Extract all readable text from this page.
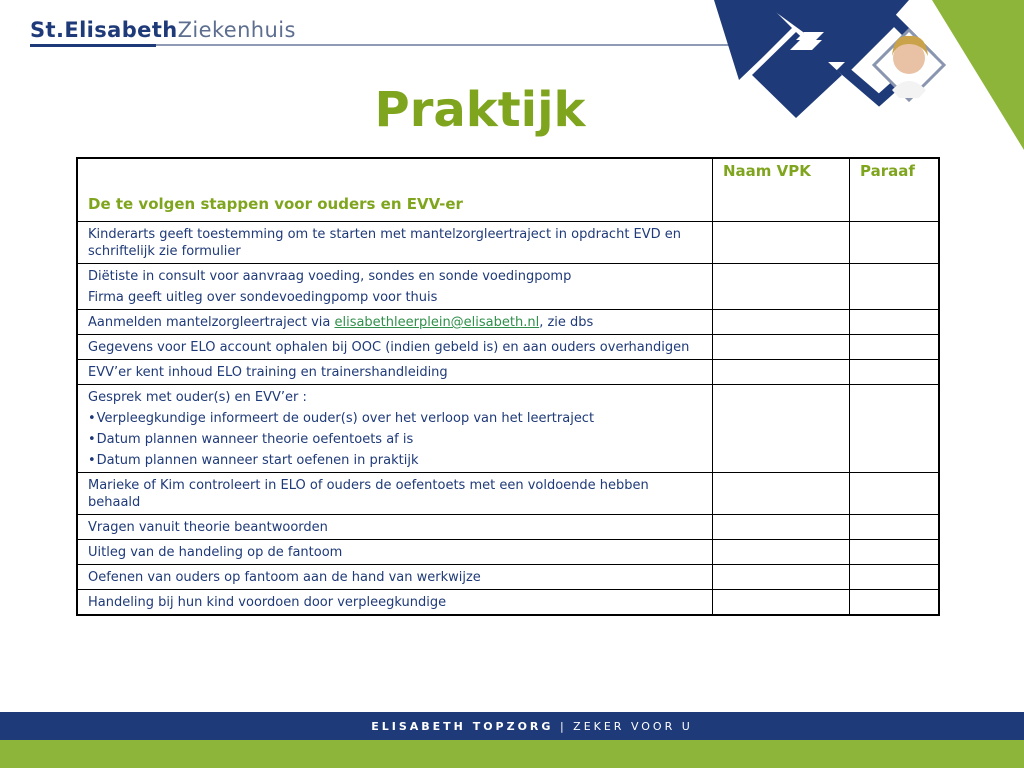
St.ElisabethZiekenhuis
Praktijk
De te volgen stappen voor ouders en EVV-er	Naam VPK	Paraaf

Kinderarts geeft toestemming om te starten met mantelzorgleertraject in opdracht EVD en schriftelijk zie formulier		

Diëtiste in consult voor aanvraag voeding, sondes en sonde voedingpomp
Firma geeft uitleg over sondevoedingpomp voor thuis		

Aanmelden mantelzorgleertraject via elisabethleerplein@elisabeth.nl, zie dbs		

Gegevens voor ELO account ophalen bij OOC (indien gebeld is) en aan ouders overhandigen		

EVV’er kent inhoud ELO training en trainershandleiding		

Gesprek met ouder(s) en EVV’er :
• Verpleegkundige informeert de ouder(s) over het verloop van het leertraject
• Datum plannen wanneer theorie oefentoets af is
• Datum plannen wanneer start oefenen in praktijk

Marieke of Kim controleert in ELO of ouders de oefentoets met een voldoende hebben behaald		

Vragen vanuit theorie beantwoorden		

Uitleg van de handeling op de fantoom		

Oefenen van ouders op fantoom aan de hand van werkwijze		

Handeling bij hun kind voordoen door verpleegkundige		

ELISABETH TOPZORG | ZEKER VOOR U
